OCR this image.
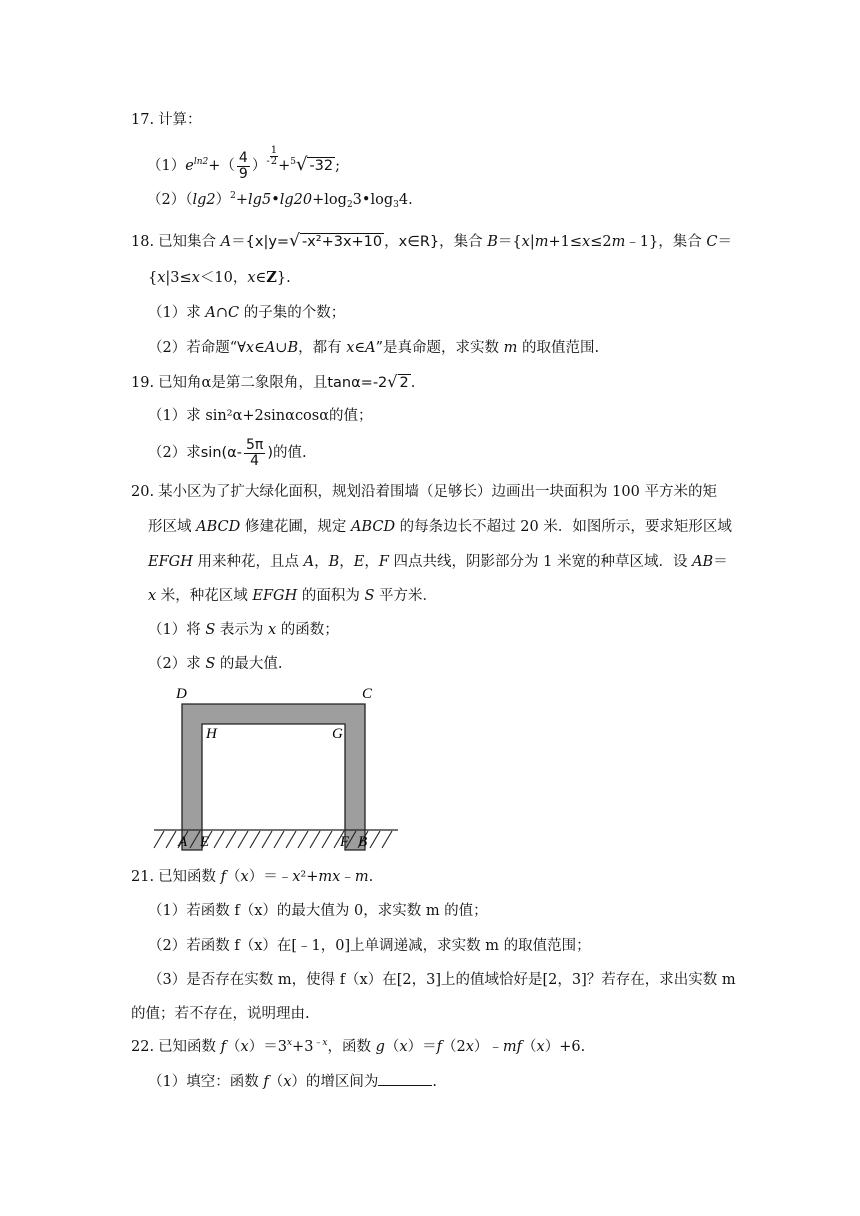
17. 计算：
$(1)e^{ln2}+( \frac{4}{9}$ ）- $\frac{1}{2} +^5√$ -32 ;
$(2)(\lg 2)^2+\lg 5•\lg 20+\log_23•\log_34$.
18. 已知集合 A＝{x|y=√ -x²+3x+10 ，x∈R}，集合 B＝{x|m+1≤x≤2m﹣1}，集合 C＝
{x|3≤x＜10，x∈Z}.
（1）求 A∩C 的子集的个数；
（2）若命题“∀x∈A∪B，都有 x∈A”是真命题，求实数 m 的取值范围.
19. 已知角α是第二象限角，且tanα=-2√ 2 .
（1）求 sin²α+2sinαcosα的值；
（2）求$\sin(\alpha- \frac{5\pi}{4}$ )的值.
20. 某小区为了扩大绿化面积，规划沿着围墙（足够长）边画出一块面积为 100 平方米的矩
形区域 ABCD 修建花圃，规定 ABCD 的每条边长不超过 20 米．如图所示，要求矩形区域
EFGH 用来种花，且点 A，B，E，F 四点共线，阴影部分为 1 米宽的种草区域．设 AB＝
x 米，种花区域 EFGH 的面积为 S 平方米．
（1）将 S 表示为 x 的函数；
（2）求 S 的最大值.
D	C
H	G
A E	F B
21. 已知函数 f（x）＝﹣x²+mx﹣m.
（1）若函数 f（x）的最大值为 0，求实数 m 的值；
（2）若函数 f（x）在[﹣1，0]上单调递减，求实数 m 的取值范围；
（3）是否存在实数 m，使得 f（x）在[2，3]上的值域恰好是[2，3]？若存在，求出实数 m
的值；若不存在，说明理由.
22. 已知函数 $f(x)=3^x+3^{﹣x}$，函数 g（x）＝f（2x）﹣mf（x）+6.
（1）填空：函数 f（x）的增区间为	.
